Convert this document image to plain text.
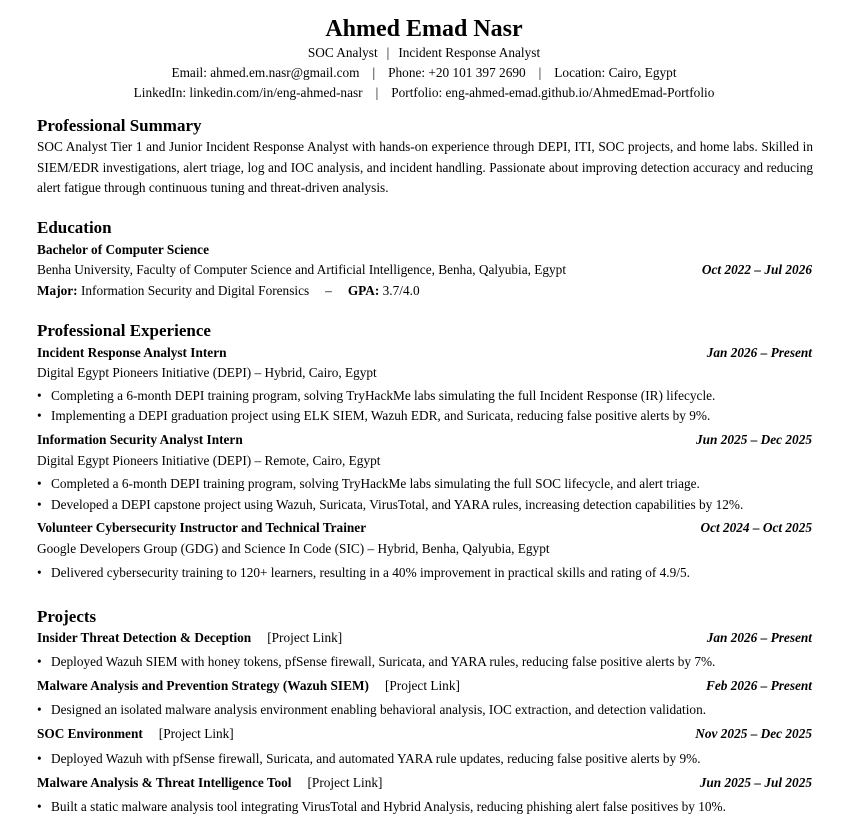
Ahmed Emad Nasr
SOC Analyst | Incident Response Analyst
Email: ahmed.em.nasr@gmail.com | Phone: +20 101 397 2690 | Location: Cairo, Egypt
LinkedIn: linkedin.com/in/eng-ahmed-nasr | Portfolio: eng-ahmed-emad.github.io/AhmedEmad-Portfolio
Professional Summary
SOC Analyst Tier 1 and Junior Incident Response Analyst with hands-on experience through DEPI, ITI, SOC projects, and home labs. Skilled in SIEM/EDR investigations, alert triage, log and IOC analysis, and incident handling. Passionate about improving detection accuracy and reducing alert fatigue through continuous tuning and threat-driven analysis.
Education
Bachelor of Computer Science
Benha University, Faculty of Computer Science and Artificial Intelligence, Benha, Qalyubia, Egypt	Oct 2022 – Jul 2026
Major: Information Security and Digital Forensics – GPA: 3.7/4.0
Professional Experience
Incident Response Analyst Intern	Jan 2026 – Present
Digital Egypt Pioneers Initiative (DEPI) – Hybrid, Cairo, Egypt
• Completing a 6-month DEPI training program, solving TryHackMe labs simulating the full Incident Response (IR) lifecycle.
• Implementing a DEPI graduation project using ELK SIEM, Wazuh EDR, and Suricata, reducing false positive alerts by 9%.
Information Security Analyst Intern	Jun 2025 – Dec 2025
Digital Egypt Pioneers Initiative (DEPI) – Remote, Cairo, Egypt
• Completed a 6-month DEPI training program, solving TryHackMe labs simulating the full SOC lifecycle, and alert triage.
• Developed a DEPI capstone project using Wazuh, Suricata, VirusTotal, and YARA rules, increasing detection capabilities by 12%.
Volunteer Cybersecurity Instructor and Technical Trainer	Oct 2024 – Oct 2025
Google Developers Group (GDG) and Science In Code (SIC) – Hybrid, Benha, Qalyubia, Egypt
• Delivered cybersecurity training to 120+ learners, resulting in a 40% improvement in practical skills and rating of 4.9/5.
Projects
Insider Threat Detection & Deception [Project Link]	Jan 2026 – Present
• Deployed Wazuh SIEM with honey tokens, pfSense firewall, Suricata, and YARA rules, reducing false positive alerts by 7%.
Malware Analysis and Prevention Strategy (Wazuh SIEM) [Project Link]	Feb 2026 – Present
• Designed an isolated malware analysis environment enabling behavioral analysis, IOC extraction, and detection validation.
SOC Environment [Project Link]	Nov 2025 – Dec 2025
• Deployed Wazuh with pfSense firewall, Suricata, and automated YARA rule updates, reducing false positive alerts by 9%.
Malware Analysis & Threat Intelligence Tool [Project Link]	Jun 2025 – Jul 2025
• Built a static malware analysis tool integrating VirusTotal and Hybrid Analysis, reducing phishing alert false positives by 10%.
